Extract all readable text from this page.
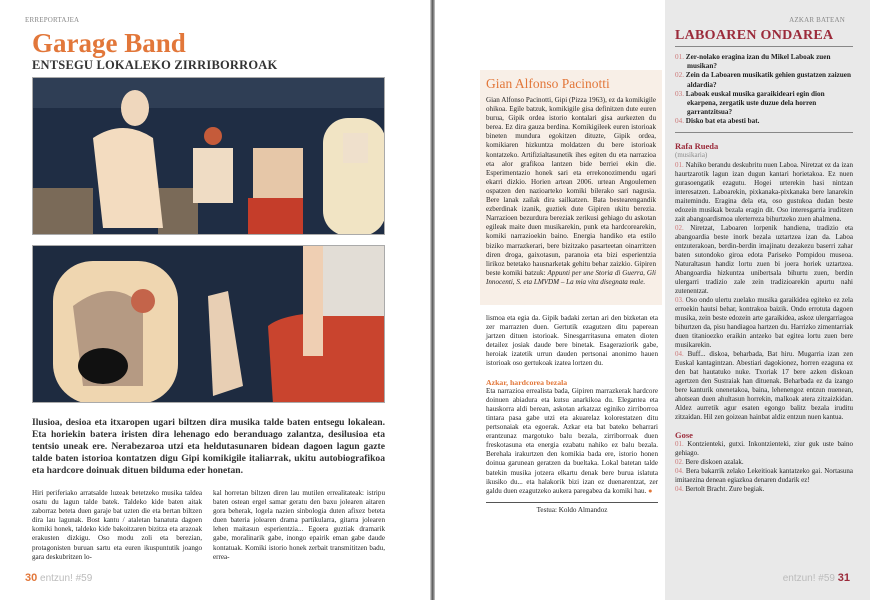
ERREPORTAJEA
Garage Band
ENTSEGU LOKALEKO ZIRRIBORROAK
Ilusioa, desioa eta itxaropen ugari biltzen dira musika talde baten entsegu lokalean. Eta horiekin batera iristen dira lehenago edo beranduago zalantza, desilusioa eta tentsio uneak ere. Nerabezaroa utzi eta heldutasunaren bidean dagoen lagun gazte talde baten istorioa kontatzen digu Gipi komikigile italiarrak, ukitu autobiografikoa eta hardcore doinuak dituen bilduma eder honetan.
Hiri periferiako arratsalde luzeak betetzeko musika taldea osatu du lagun talde batek. Taldeko kide baten aitak zaborraz beteta duen garaje bat uzten die eta bertan biltzen dira lau lagunak. Bost kantu / ataletan banatuta dagoen komiki honek, taldeko kide bakoitzaren bizitza eta arazoak erakusten dizkigu. Oso modu zoli eta berezian, protagonisten buruan sartu eta euren ikuspuntutik joango gara deskubritzen lo-
kal horretan biltzen diren lau mutilen errealitateak: istripu baten ostean ergel samar geratu den baxu jolearen aitaren gora beherak, logela nazien sinbologia duten afixez beteta duen bateria jolearen drama partikularra, gitarra jolearen lehen maitasun esperientzia... Egoera guztiak dramarik gabe, moralinarik gabe, inongo epairik eman gabe daude kontatuak. Komiki istorio honek zerbait transmititzen badu, errea-
30 entzun! #59
Gian Alfonso Pacinotti
Gian Alfonso Pacinotti, Gipi (Pizza 1963), ez da komikigile ohikoa. Egile batzuk, komikigile gisa definitzen dute euren burua, Gipik ordea istorio kontalari gisa aurkezten du berea. Ez dira gauza berdina. Komikigileek euren istorioak bineten mundura egokitzen dituzte, Gipik ordea, komikiaren hizkuntza moldatzen du bere istorioak kontatzeko. Artifizialtasunetik ihes egiten du eta narrazioa eta alor grafikoa lantzen bide berriei ekin die. Esperimentazio honek sari eta errekonozimendu ugari ekarri dizkio. Horien artean 2006. urtean Angoulemen ospatzen den nazioarteko komiki bilerako sari nagusia. Bere lanak zailak dira sailkatzen. Bata bestearengandik ezberdinak izanik, guztiek dute Gipiren ukitu berezia. Narrazioen bezurdura bereziak zerikusi gehiago du askotan egileak maite duen musikarekin, punk eta hardcorearekin, komiki narrazioekin baino. Energia handiko eta estilo biziko marrazkerari, bere bizitzako pasarteetan oinarritzen diren droga, gaixotasun, paranoia eta bizi esperientzia lirikoz betetako hausnarketak gehitu behar zaizkio. Gipiren beste komiki batzuk: Appunti per une Storia di Guerra, Gli Innocenti, S. eta LMVDM – La mia vita disegnata male.
lismoa eta egia da. Gipik badaki zertan ari den bizketan eta zer marrazten duen. Gertutik ezagutzen ditu paperean jartzen dituen istorioak. Sinesgarritasuna ematen dioten detailez josiak daude bere binetak. Esageraziorik gabe, heroiak izatetik urrun dauden pertsonai anonimo hauen istorioak oso gertukoak izatea lortzen du.
Azkar, hardcorea bezala
Eta narrazioa errealista bada, Gipiren marrazkerak hardcore doinuen abiadura eta kutsu anarkikoa du. Elegantea eta hauskorra aldi berean, askotan arkatzaz eginiko zirriborroa tintara pasa gabe utzi eta akuarelaz kolorestatzen ditu pertsonaiak eta egoerak. Azkar eta bat bateko beharrari erantzunaz margotuko balu bezala, zirriborroak duen freskotasuna eta energia ezabatu nahiko ez balu bezala. Berehala irakurtzen den komikia bada ere, istorio honen doinua garunean geratzen da bueltaka. Lokal batetan talde batekin musika jotzera elkartu denak bere burua islatuta ikusiko du... eta halakorik bizi izan ez duenarentzat, zer galdu duen ezagutzeko aukera paregabea da komiki hau. ●
Testua: Koldo Almandoz
AZKAR BATEAN
LABOAREN ONDAREA
01. Zer-nolako eragina izan du Mikel Laboak zuen musikan?
02. Zein da Laboaren musikatik gehien gustatzen zaizuen aldardia?
03. Laboak euskal musika garaikideari egin dion ekarpena, zergatik uste duzue dela horren garrantzitsua?
04. Disko bat eta abesti bat.
Rafa Rueda
(musikaria)

01. Nahiko berandu deskubritu nuen Laboa. Niretzat ez da izan haurtzarotik lagun izan dugun kantari horietakoa. Ez nuen gurasoengatik ezagutu. Hogei urterekin hasi nintzan interesatzen. Laboarekin, pixkanaka-pixkanaka bere lanarekin maitemindu. Eragina dela eta, oso gustukoa dudan beste edozein musikak bezala eragin dit. Oso interesgarria iruditzen zait abangoardismoa ulerterreza bihurtzeko zuen ahalmena.

02. Niretzat, Laboaren lorpenik handiena, tradizio eta abangoardia beste inork bezala uztartzea izan da. Laboa entzuterakoan, berdin-berdin imajinatu dezakezu baserri zahar baten sutondoko giroa edota Pariseko Pompidou museoa. Naturaltasun handiz lortu zuen bi joera horiek uztartzea. Abangoardia hizkuntza unibertsala bihurtu zuen, berdin ulergarri tradizio zale zein tradizioarekin apurtu nahi zutenentzat.

03. Oso ondo ulertu zuelako musika garaikidea egiteko ez zela erroekin hautsi behar, kontrakoa baizik. Ondo errotuta dagoen musika, zein beste edozein arte garaikidea, askoz ulergarriagoa bihurtzen da, pisu handiagoa hartzen du. Harrizko zimentarriak duen titanioezko eraikin antzeko bat egitea lortu zuen bere musikarekin.

04. Buff... diskoa, beharbada, Bat hiru. Mugarria izan zen Euskal kantagintzan. Abestiari dagokionez, horren ezaguna ez den bat hautatuko nuke. Txoriak 17 bere azken diskoan agertzen den Sustraiak han dituenak. Beharbada ez da izango bere kanturik onenetakoa, baina, lehenengoz entzun nuenean, ahotsean duen ahultasun horrekin, malkoak atera zitzaizkidan. Aldez aurretik agur esaten egongo balitz bezala iruditu zitzaidan. Hil zen goizean hainbat aldiz entzun nuen kantua.

Gose

01. Kontzienteki, gutxi. Inkontzienteki, ziur guk uste baino gehiago.

02. Bere diskoen azalak.

04. Bera bakarrik zelako Lekeitioak kantatzeko gai. Nortasuna imitaezina denean egiazkoa denaren dudarik ez!

04. Bertolt Bracht. Zure begiak.

entzun! #59 31
